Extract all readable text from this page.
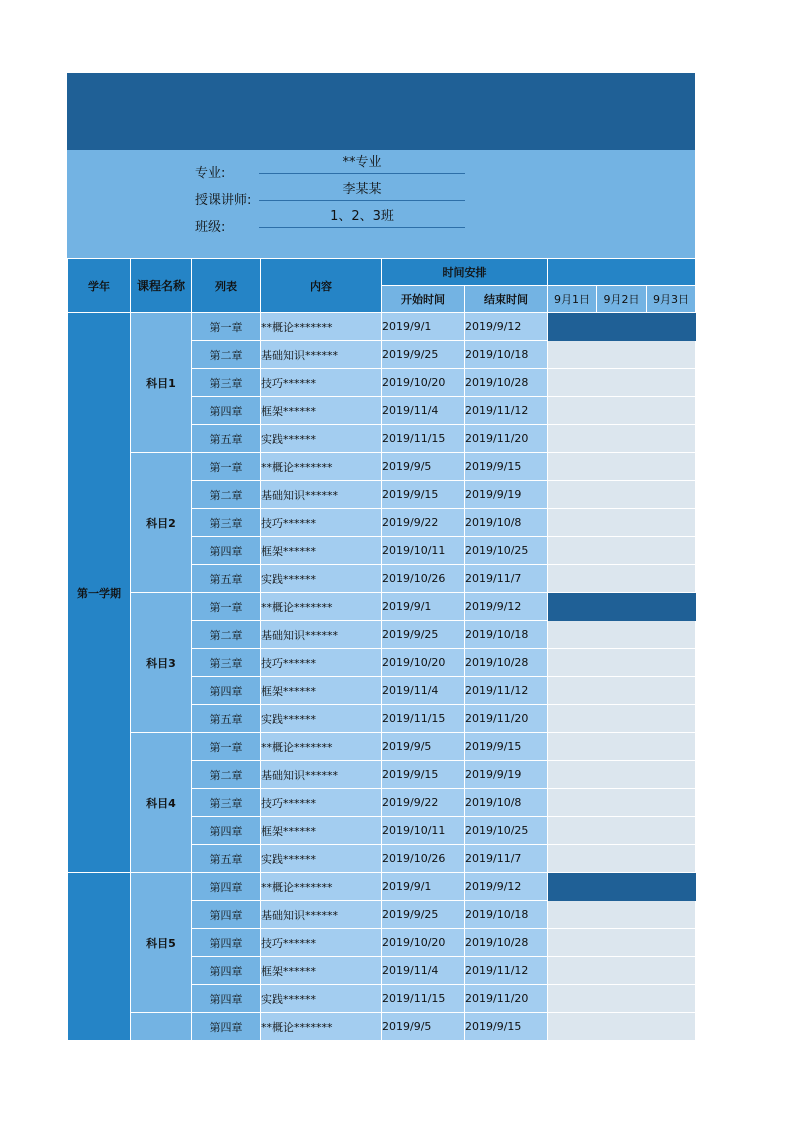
专业:
**专业
授课讲师:
李某某
班级:
1、2、3班
学年	课程名称	列表	内容	时间安排				
				开始时间	结束时间	9月1日	9月2日	9月3日
第一学期	科目1	第一章	**概论*******	2019/9/1	2019/9/12			
		第二章	基础知识******	2019/9/25	2019/10/18			
		第三章	技巧******	2019/10/20	2019/10/28			
		第四章	框架******	2019/11/4	2019/11/12			
		第五章	实践******	2019/11/15	2019/11/20			
	科目2	第一章	**概论*******	2019/9/5	2019/9/15			
		第二章	基础知识******	2019/9/15	2019/9/19			
		第三章	技巧******	2019/9/22	2019/10/8			
		第四章	框架******	2019/10/11	2019/10/25			
		第五章	实践******	2019/10/26	2019/11/7			
	科目3	第一章	**概论*******	2019/9/1	2019/9/12			
		第二章	基础知识******	2019/9/25	2019/10/18			
		第三章	技巧******	2019/10/20	2019/10/28			
		第四章	框架******	2019/11/4	2019/11/12			
		第五章	实践******	2019/11/15	2019/11/20			
	科目4	第一章	**概论*******	2019/9/5	2019/9/15			
		第二章	基础知识******	2019/9/15	2019/9/19			
		第三章	技巧******	2019/9/22	2019/10/8			
		第四章	框架******	2019/10/11	2019/10/25			
		第五章	实践******	2019/10/26	2019/11/7			
	科目5	第四章	**概论*******	2019/9/1	2019/9/12			
		第四章	基础知识******	2019/9/25	2019/10/18			
		第四章	技巧******	2019/10/20	2019/10/28			
		第四章	框架******	2019/11/4	2019/11/12			
		第四章	实践******	2019/11/15	2019/11/20			
		第四章	**概论*******	2019/9/5	2019/9/15			
